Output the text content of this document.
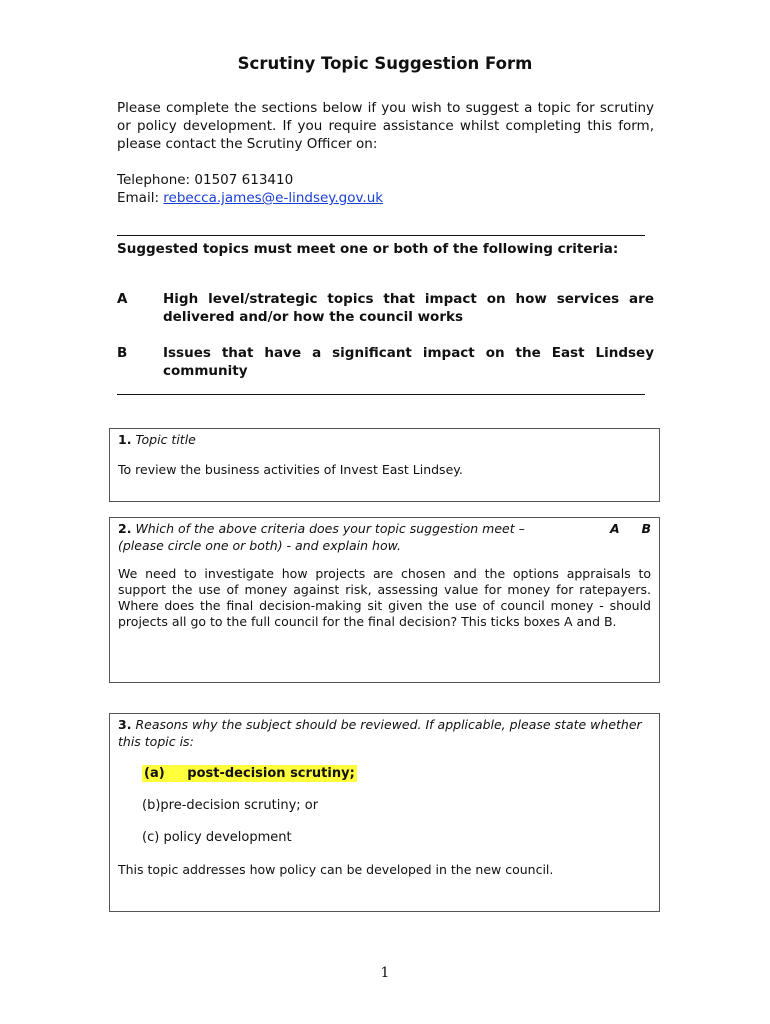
Scrutiny Topic Suggestion Form
Please complete the sections below if you wish to suggest a topic for scrutiny or policy development. If you require assistance whilst completing this form, please contact the Scrutiny Officer on:
Telephone: 01507 613410
Email: rebecca.james@e-lindsey.gov.uk
Suggested topics must meet one or both of the following criteria:
A	High level/strategic topics that impact on how services are delivered and/or how the council works
B	Issues that have a significant impact on the East Lindsey community
1. Topic title
To review the business activities of Invest East Lindsey.
2. Which of the above criteria does your topic suggestion meet –	A B
(please circle one or both) - and explain how.
We need to investigate how projects are chosen and the options appraisals to support the use of money against risk, assessing value for money for ratepayers. Where does the final decision-making sit given the use of council money - should projects all go to the full council for the final decision? This ticks boxes A and B.
3. Reasons why the subject should be reviewed. If applicable, please state whether this topic is:
(a) post-decision scrutiny;
(b)pre-decision scrutiny; or
(c) policy development
This topic addresses how policy can be developed in the new council.
1
